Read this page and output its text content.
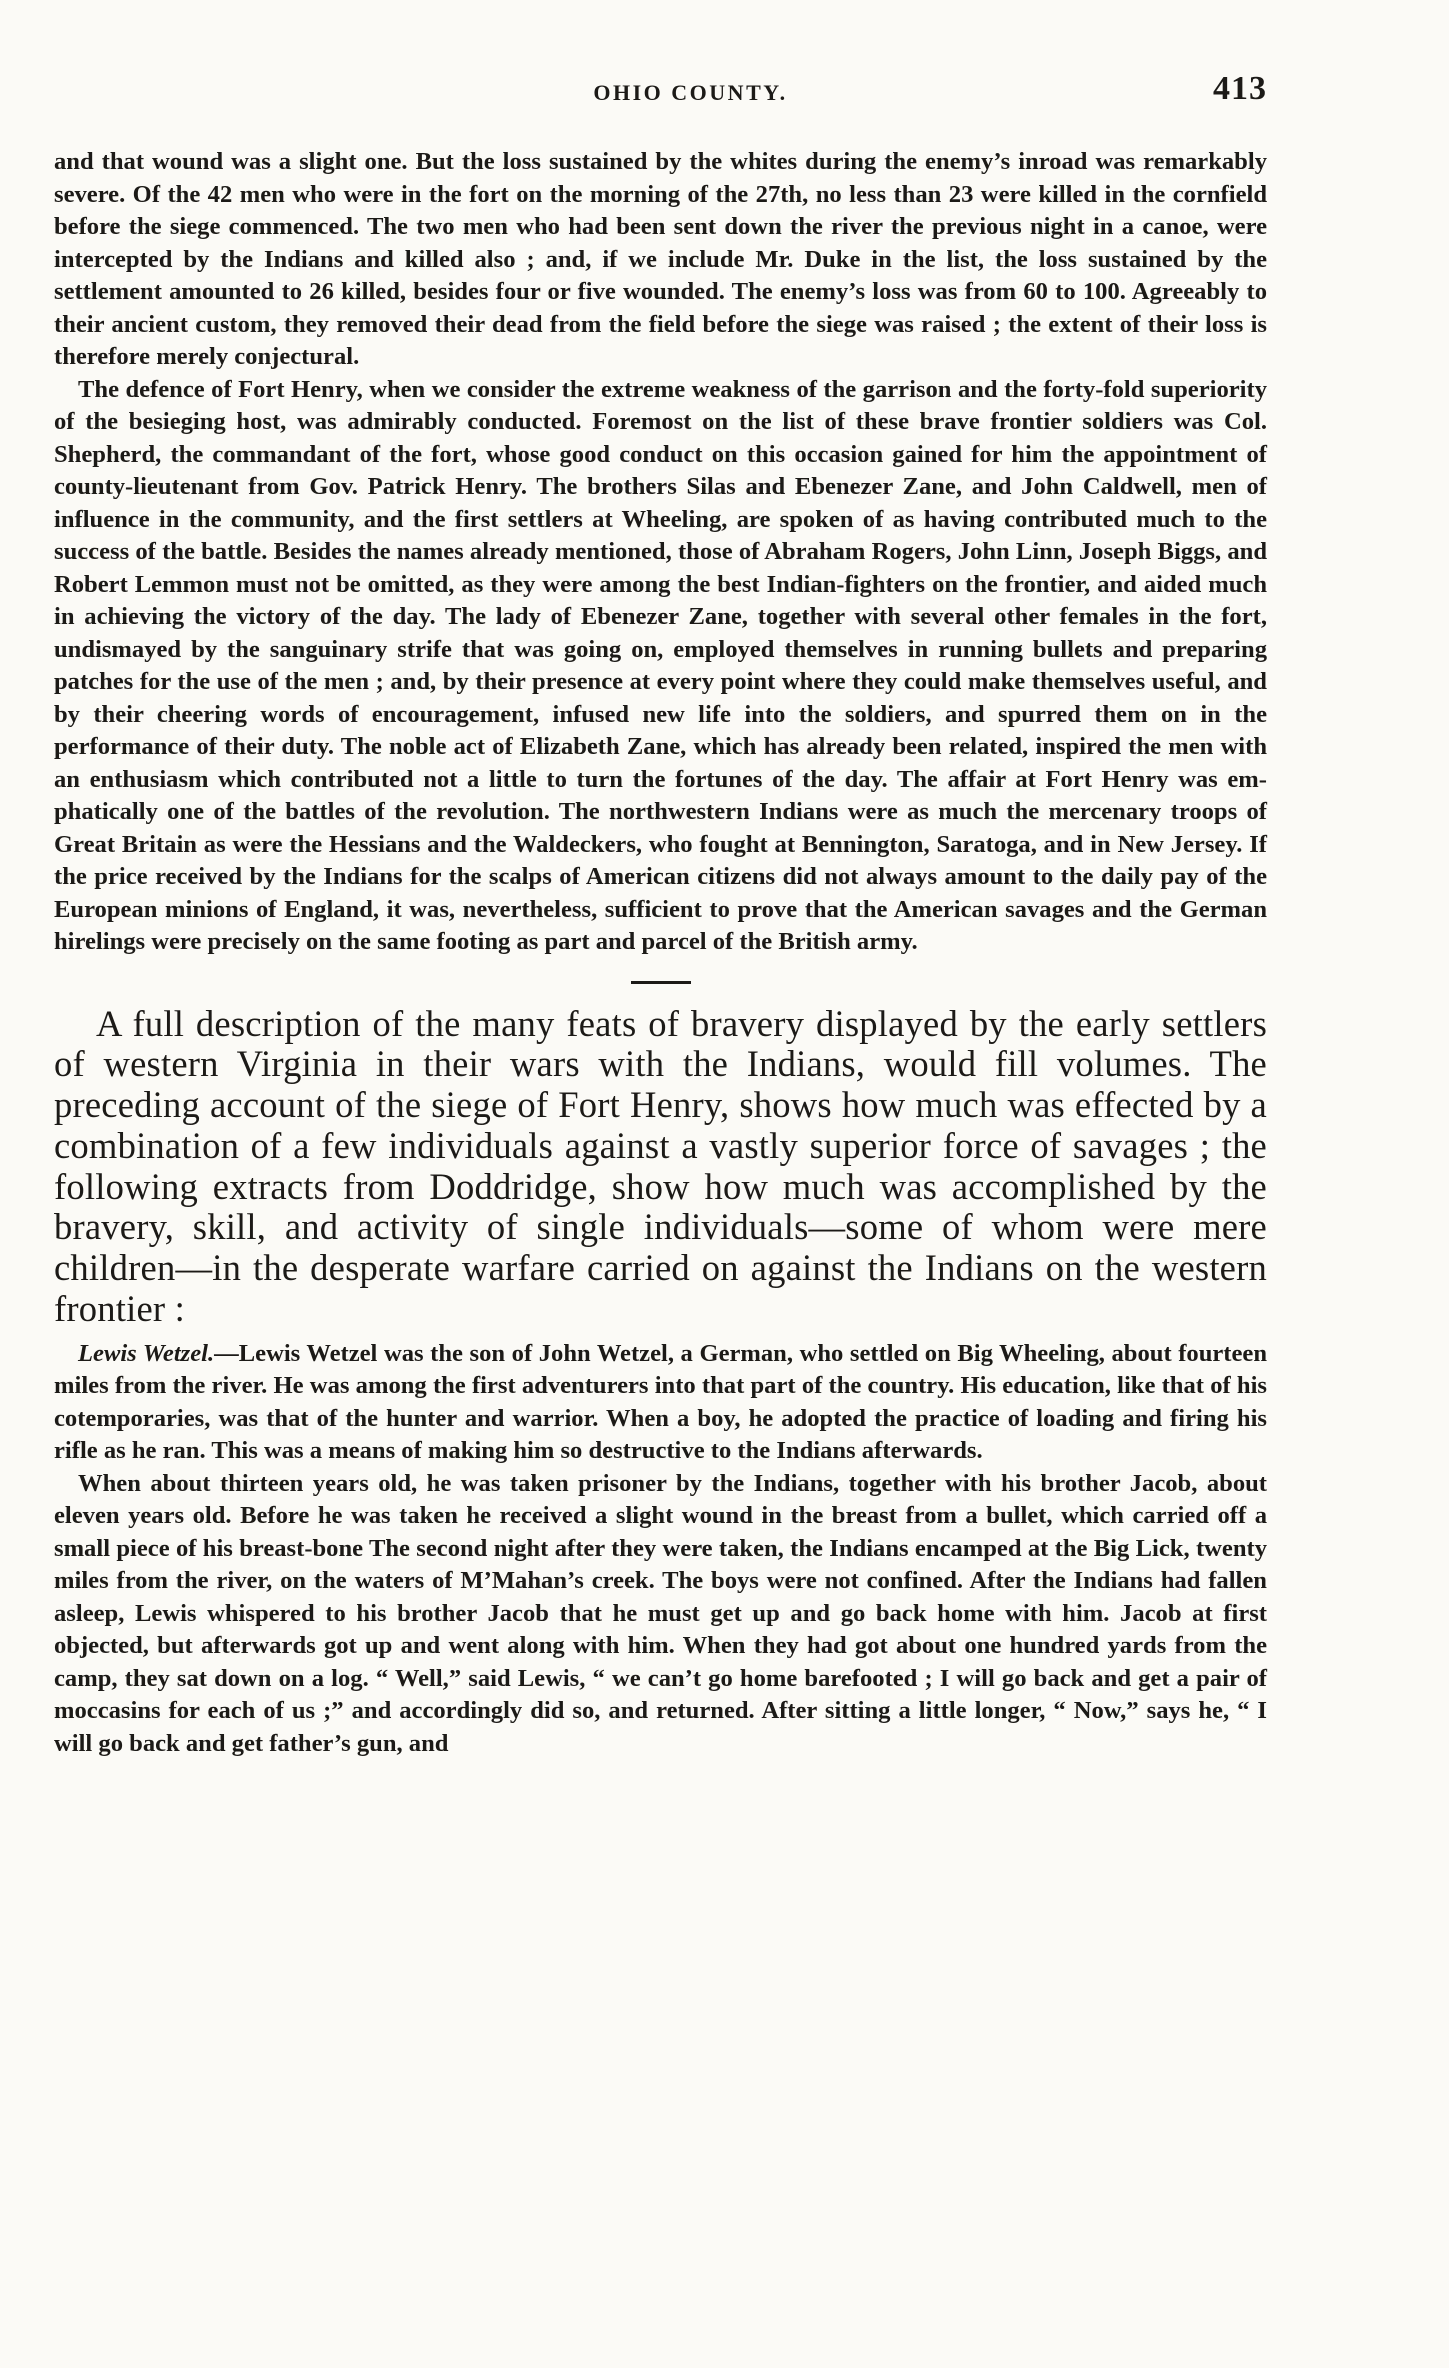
OHIO COUNTY.	413

and that wound was a slight one. But the loss sustained by the whites during the enemy’s inroad was remarkably severe. Of the 42 men who were in the fort on the morning of the 27th, no less than 23 were killed in the cornfield before the siege commenced. The two men who had been sent down the river the previous night in a canoe, were intercepted by the Indians and killed also ; and, if we include Mr. Duke in the list, the loss sustained by the settlement amounted to 26 killed, besides four or five wounded. The enemy’s loss was from 60 to 100. Agreeably to their ancient custom, they removed their dead from the field before the siege was raised ; the extent of their loss is therefore merely conjectural.

The defence of Fort Henry, when we consider the extreme weakness of the garrison and the forty-fold superiority of the besieging host, was admirably conducted. Foremost on the list of these brave frontier soldiers was Col. Shepherd, the commandant of the fort, whose good conduct on this occasion gained for him the appointment of county-lieutenant from Gov. Patrick Henry. The brothers Silas and Ebenezer Zane, and John Caldwell, men of influence in the community, and the first settlers at Wheeling, are spoken of as having contributed much to the success of the battle. Besides the names already mentioned, those of Abraham Rogers, John Linn, Joseph Biggs, and Robert Lemmon must not be omitted, as they were among the best Indian-fighters on the frontier, and aided much in achieving the victory of the day. The lady of Ebenezer Zane, together with several other females in the fort, undismayed by the sanguinary strife that was going on, employed themselves in running bullets and preparing patches for the use of the men ; and, by their presence at every point where they could make themselves useful, and by their cheering words of encouragement, infused new life into the soldiers, and spurred them on in the performance of their duty. The noble act of Elizabeth Zane, which has already been related, inspired the men with an enthusiasm which contributed not a little to turn the fortunes of the day. The affair at Fort Henry was emphatically one of the battles of the revolution. The northwestern Indians were as much the mercenary troops of Great Britain as were the Hessians and the Waldeckers, who fought at Bennington, Saratoga, and in New Jersey. If the price received by the Indians for the scalps of American citizens did not always amount to the daily pay of the European minions of England, it was, nevertheless, sufficient to prove that the American savages and the German hirelings were precisely on the same footing as part and parcel of the British army.

A full description of the many feats of bravery displayed by the early settlers of western Virginia in their wars with the Indians, would fill volumes. The preceding account of the siege of Fort Henry, shows how much was effected by a combination of a few individuals against a vastly superior force of savages ; the following extracts from Doddridge, show how much was accomplished by the bravery, skill, and activity of single individuals—some of whom were mere children—in the desperate warfare carried on against the Indians on the western frontier :

Lewis Wetzel.—Lewis Wetzel was the son of John Wetzel, a German, who settled on Big Wheeling, about fourteen miles from the river. He was among the first adventurers into that part of the country. His education, like that of his cotemporaries, was that of the hunter and warrior. When a boy, he adopted the practice of loading and firing his rifle as he ran. This was a means of making him so destructive to the Indians afterwards.

When about thirteen years old, he was taken prisoner by the Indians, together with his brother Jacob, about eleven years old. Before he was taken he received a slight wound in the breast from a bullet, which carried off a small piece of his breast-bone The second night after they were taken, the Indians encamped at the Big Lick, twenty miles from the river, on the waters of M’Mahan’s creek. The boys were not confined. After the Indians had fallen asleep, Lewis whispered to his brother Jacob that he must get up and go back home with him. Jacob at first objected, but afterwards got up and went along with him. When they had got about one hundred yards from the camp, they sat down on a log. “ Well,” said Lewis, “ we can’t go home barefooted ; I will go back and get a pair of moccasins for each of us ;” and accordingly did so, and returned. After sitting a little longer, “ Now,” says he, “ I will go back and get father’s gun, and
